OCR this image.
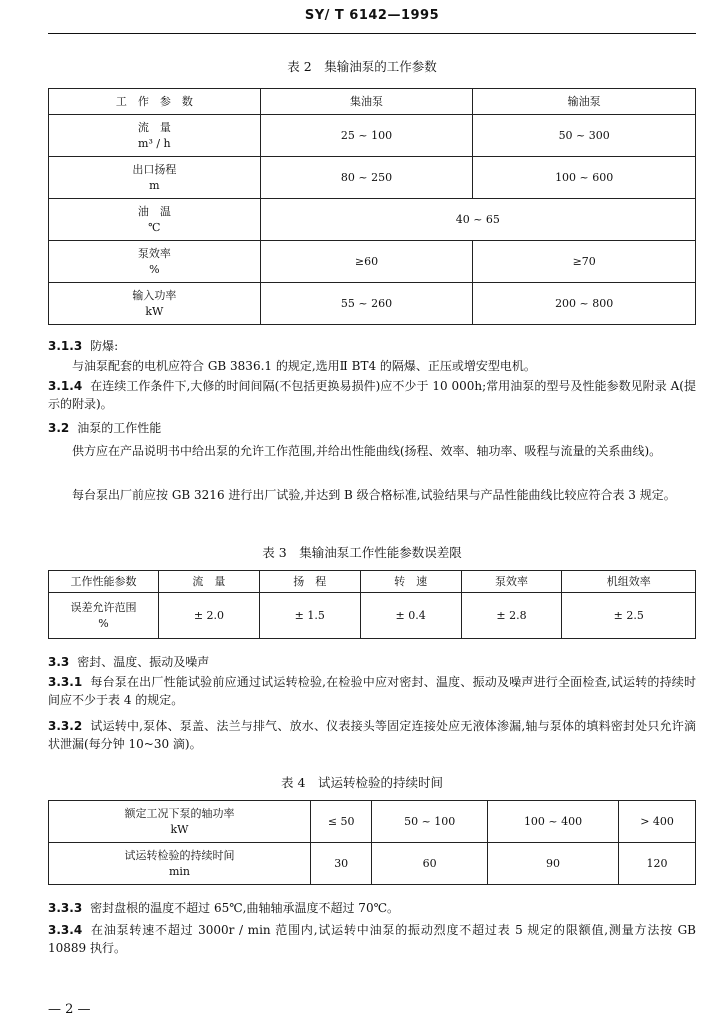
SY/ T 6142—1995
表 2　集输油泵的工作参数
工　作　参　数	集油泵	输油泵

流　量
m³ / h	25 ~ 100	50 ~ 300

出口扬程
m	80 ~ 250	100 ~ 600

油　温
℃	40 ~ 65	

泵效率
%	≥60	≥70

输入功率
kW	55 ~ 260	200 ~ 800
3.1.3 防爆:
与油泵配套的电机应符合 GB 3836.1 的规定,选用Ⅱ BT4 的隔爆、正压或增安型电机。
3.1.4 在连续工作条件下,大修的时间间隔(不包括更换易损件)应不少于 10 000h;常用油泵的型号及性能参数见附录 A(提示的附录)。
3.2 油泵的工作性能
供方应在产品说明书中给出泵的允许工作范围,并给出性能曲线(扬程、效率、轴功率、吸程与流量的关系曲线)。
每台泵出厂前应按 GB 3216 进行出厂试验,并达到 B 级合格标准,试验结果与产品性能曲线比较应符合表 3 规定。
表 3　集输油泵工作性能参数误差限
工作性能参数	流　量	扬　程	转　速	泵效率	机组效率

误差允许范围
%	± 2.0	± 1.5	± 0.4	± 2.8	± 2.5
3.3 密封、温度、振动及噪声
3.3.1 每台泵在出厂性能试验前应通过试运转检验,在检验中应对密封、温度、振动及噪声进行全面检查,试运转的持续时间应不少于表 4 的规定。
3.3.2 试运转中,泵体、泵盖、法兰与排气、放水、仪表接头等固定连接处应无液体渗漏,轴与泵体的填料密封处只允许滴状泄漏(每分钟 10~30 滴)。
表 4　试运转检验的持续时间
额定工况下泵的轴功率
kW	≤ 50	50 ~ 100	100 ~ 400	> 400

试运转检验的持续时间
min	30	60	90	120
3.3.3 密封盘根的温度不超过 65℃,曲轴轴承温度不超过 70℃。
3.3.4 在油泵转速不超过 3000r / min 范围内,试运转中油泵的振动烈度不超过表 5 规定的限额值,测量方法按 GB 10889 执行。
— 2 —
